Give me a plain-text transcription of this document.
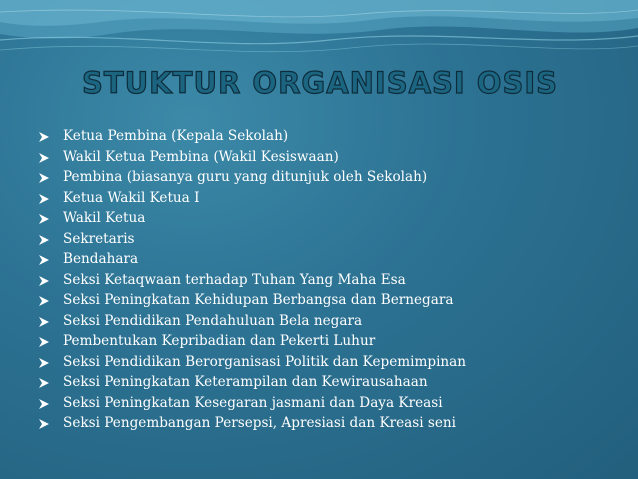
STUKTUR ORGANISASI OSIS
Ketua Pembina (Kepala Sekolah)
Wakil Ketua Pembina (Wakil Kesiswaan)
Pembina (biasanya guru yang ditunjuk oleh Sekolah)
Ketua Wakil Ketua I
Wakil Ketua
Sekretaris
Bendahara
Seksi Ketaqwaan terhadap Tuhan Yang Maha Esa
Seksi Peningkatan Kehidupan Berbangsa dan Bernegara
Seksi Pendidikan Pendahuluan Bela negara
Pembentukan Kepribadian dan Pekerti Luhur
Seksi Pendidikan Berorganisasi Politik dan Kepemimpinan
Seksi Peningkatan Keterampilan dan Kewirausahaan
Seksi Peningkatan Kesegaran jasmani dan Daya Kreasi
Seksi Pengembangan Persepsi, Apresiasi dan Kreasi seni
